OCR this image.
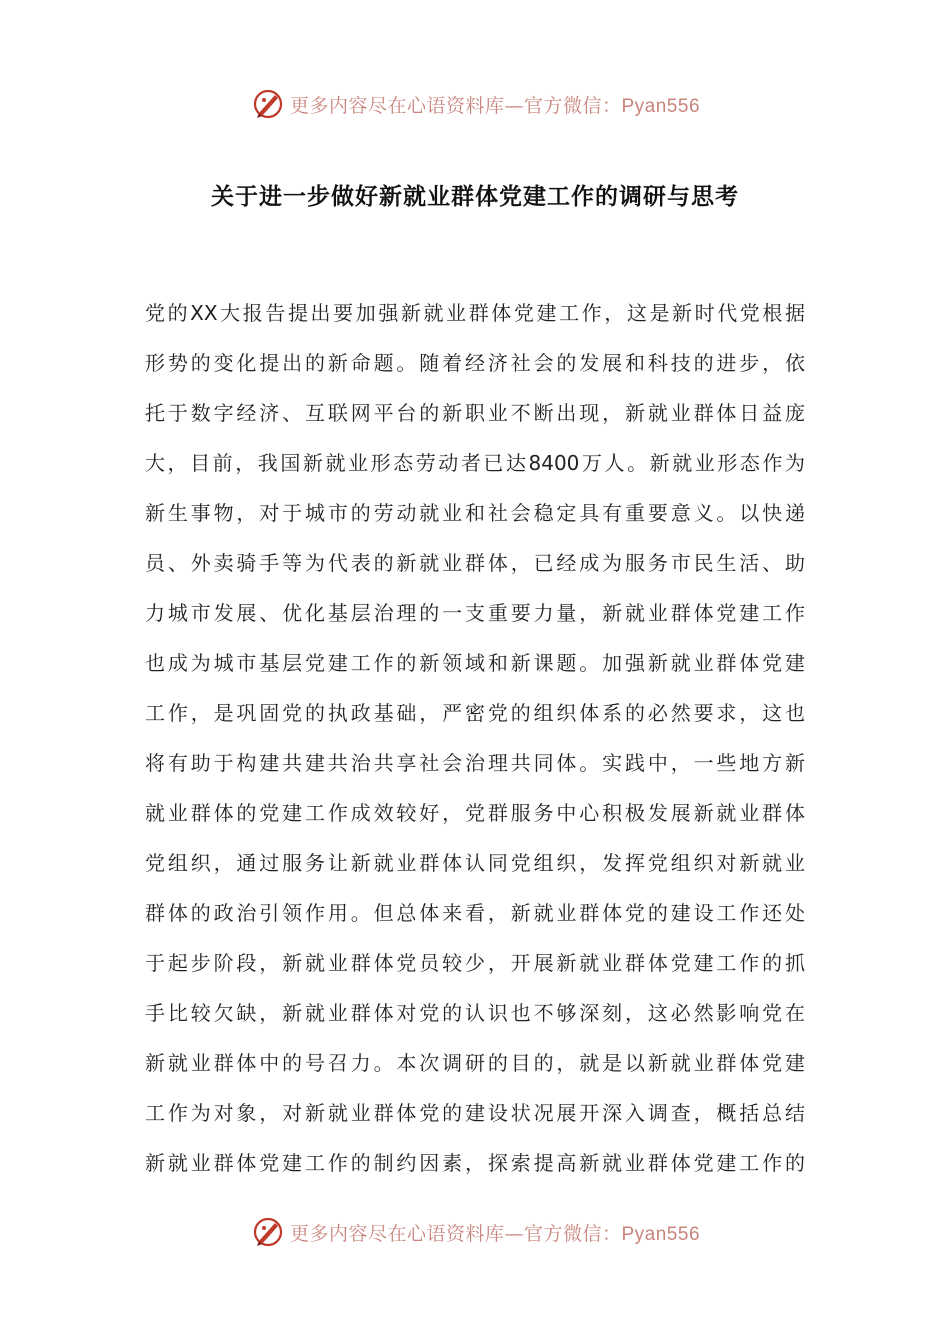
更多内容尽在心语资料库—官方微信：Pyan556
关于进一步做好新就业群体党建工作的调研与思考
党的XX大报告提出要加强新就业群体党建工作，这是新时代党根据
形势的变化提出的新命题。随着经济社会的发展和科技的进步，依
托于数字经济、互联网平台的新职业不断出现，新就业群体日益庞
大，目前，我国新就业形态劳动者已达8400万人。新就业形态作为
新生事物，对于城市的劳动就业和社会稳定具有重要意义。以快递
员、外卖骑手等为代表的新就业群体，已经成为服务市民生活、助
力城市发展、优化基层治理的一支重要力量，新就业群体党建工作
也成为城市基层党建工作的新领域和新课题。加强新就业群体党建
工作，是巩固党的执政基础，严密党的组织体系的必然要求，这也
将有助于构建共建共治共享社会治理共同体。实践中，一些地方新
就业群体的党建工作成效较好，党群服务中心积极发展新就业群体
党组织，通过服务让新就业群体认同党组织，发挥党组织对新就业
群体的政治引领作用。但总体来看，新就业群体党的建设工作还处
于起步阶段，新就业群体党员较少，开展新就业群体党建工作的抓
手比较欠缺，新就业群体对党的认识也不够深刻，这必然影响党在
新就业群体中的号召力。本次调研的目的，就是以新就业群体党建
工作为对象，对新就业群体党的建设状况展开深入调查，概括总结
新就业群体党建工作的制约因素，探索提高新就业群体党建工作的
更多内容尽在心语资料库—官方微信：Pyan556
